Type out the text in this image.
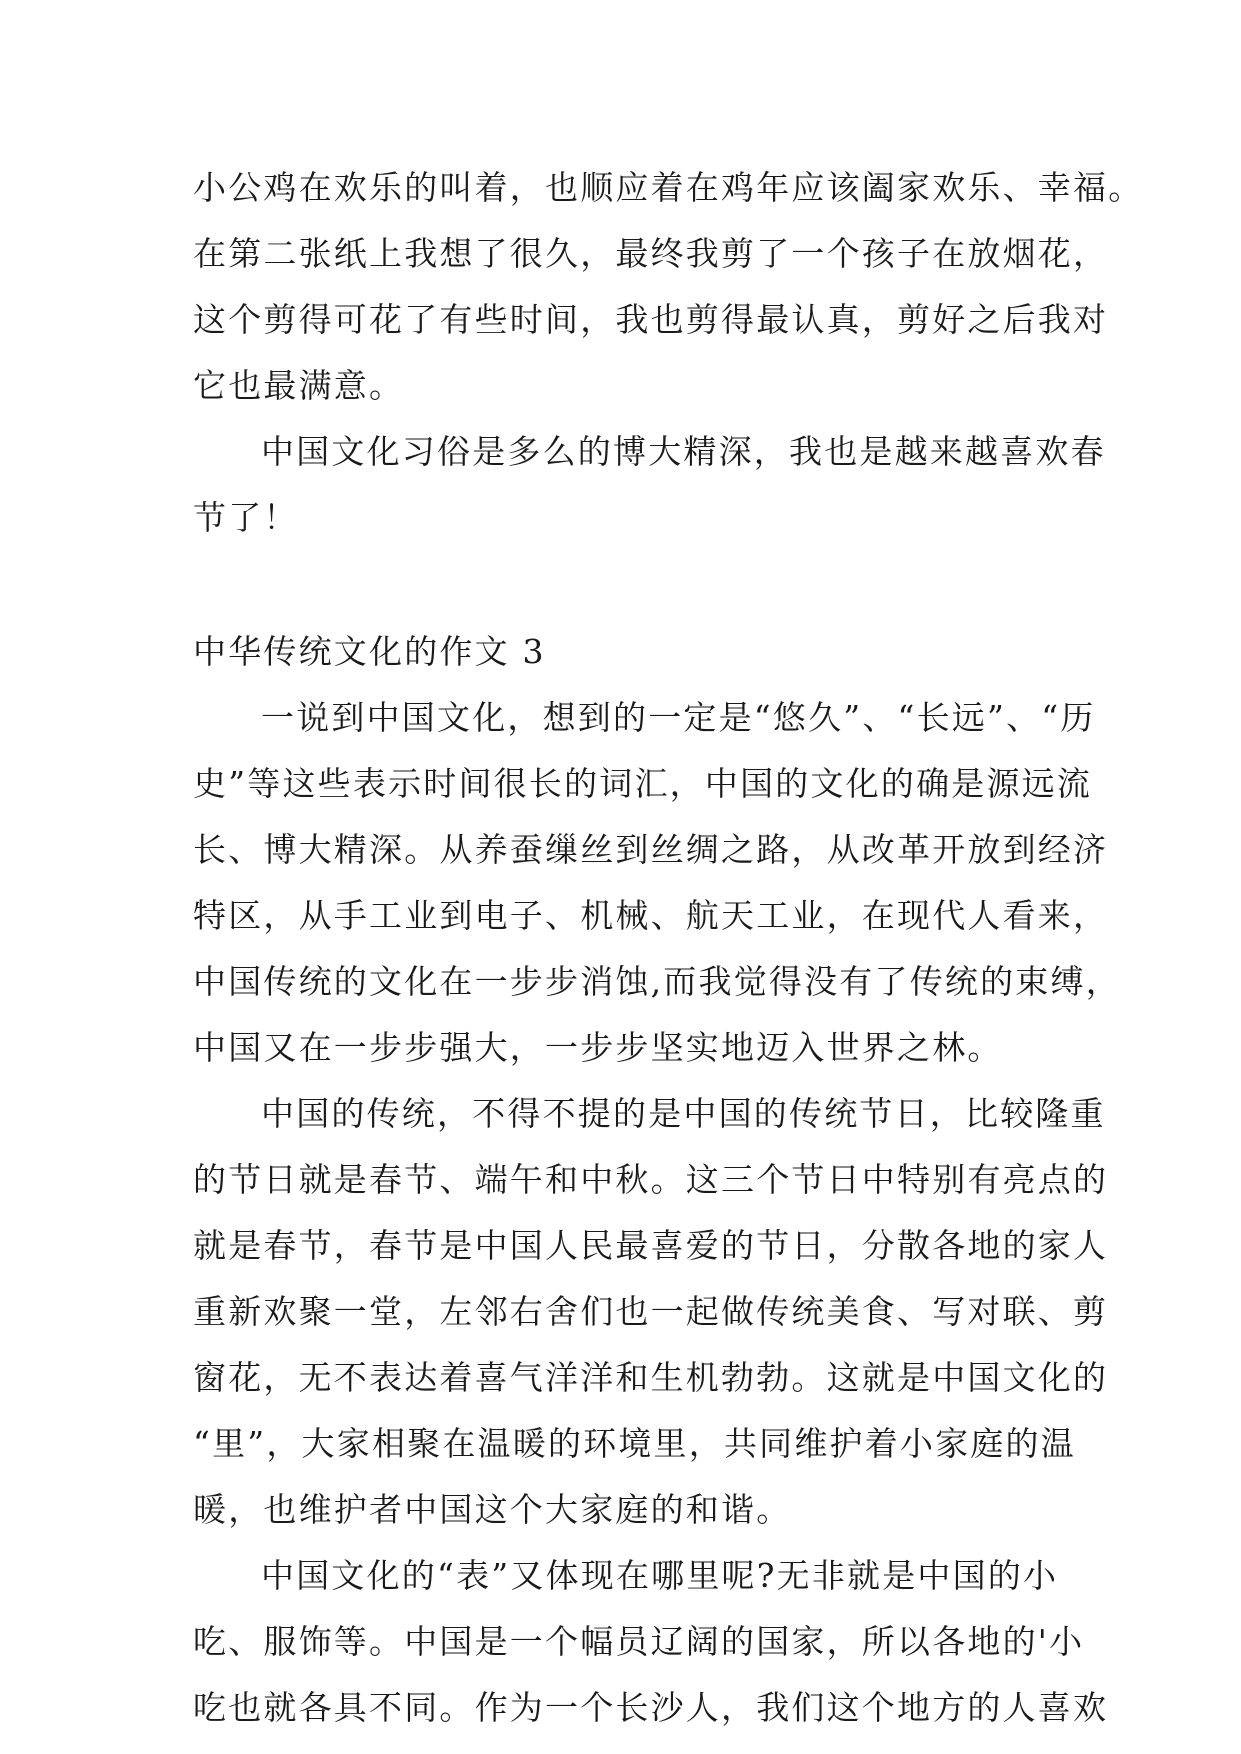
小公鸡在欢乐的叫着，也顺应着在鸡年应该阖家欢乐、幸福。
在第二张纸上我想了很久，最终我剪了一个孩子在放烟花，
这个剪得可花了有些时间，我也剪得最认真，剪好之后我对
它也最满意。
中国文化习俗是多么的博大精深，我也是越来越喜欢春
节了！
中华传统文化的作文 3
一说到中国文化，想到的一定是“悠久”、“长远”、“历
史”等这些表示时间很长的词汇，中国的文化的确是源远流
长、博大精深。从养蚕缫丝到丝绸之路，从改革开放到经济
特区，从手工业到电子、机械、航天工业，在现代人看来，
中国传统的文化在一步步消蚀,而我觉得没有了传统的束缚，
中国又在一步步强大，一步步坚实地迈入世界之林。
中国的传统，不得不提的是中国的传统节日，比较隆重
的节日就是春节、端午和中秋。这三个节日中特别有亮点的
就是春节，春节是中国人民最喜爱的节日，分散各地的家人
重新欢聚一堂，左邻右舍们也一起做传统美食、写对联、剪
窗花，无不表达着喜气洋洋和生机勃勃。这就是中国文化的
“里”，大家相聚在温暖的环境里，共同维护着小家庭的温
暖，也维护者中国这个大家庭的和谐。
中国文化的“表”又体现在哪里呢?无非就是中国的小
吃、服饰等。中国是一个幅员辽阔的国家，所以各地的'小
吃也就各具不同。作为一个长沙人，我们这个地方的人喜欢
